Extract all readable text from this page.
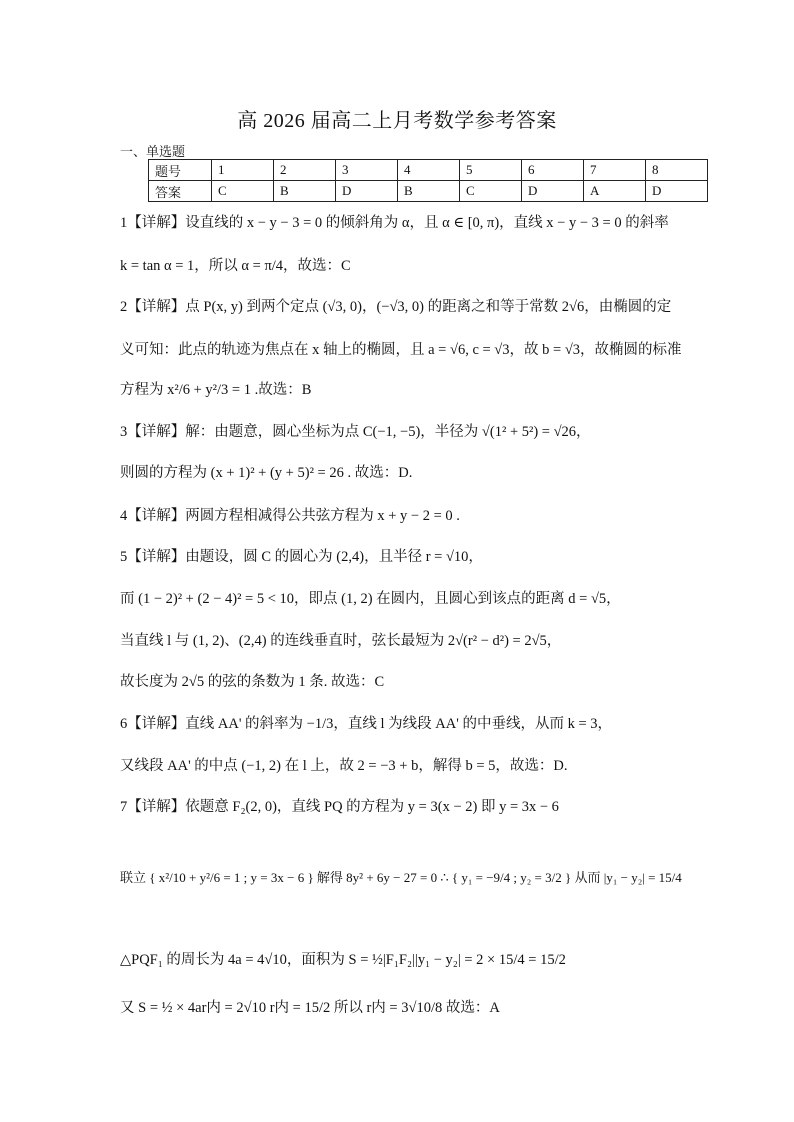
高 2026 届高二上月考数学参考答案
一、单选题
题号	1	2	3	4	5	6	7	8
答案	C	B	D	B	C	D	A	D
1【详解】设直线的 x − y − 3 = 0 的倾斜角为 α，且 α ∈ [0, π)，直线 x − y − 3 = 0 的斜率
k = tan α = 1，所以 α = π/4，故选：C
2【详解】点 P(x, y) 到两个定点 (√3, 0)，(−√3, 0) 的距离之和等于常数 2√6，由椭圆的定
义可知：此点的轨迹为焦点在 x 轴上的椭圆，且 a = √6, c = √3，故 b = √3，故椭圆的标准
方程为 x²/6 + y²/3 = 1 .故选：B
3【详解】解：由题意，圆心坐标为点 C(−1, −5)，半径为 √(1² + 5²) = √26，
则圆的方程为 (x + 1)² + (y + 5)² = 26 . 故选：D.
4【详解】两圆方程相减得公共弦方程为 x + y − 2 = 0 .
5【详解】由题设，圆 C 的圆心为 (2,4)，且半径 r = √10，
而 (1 − 2)² + (2 − 4)² = 5 < 10，即点 (1, 2) 在圆内，且圆心到该点的距离 d = √5，
当直线 l 与 (1, 2)、(2,4) 的连线垂直时，弦长最短为 2√(r² − d²) = 2√5，
故长度为 2√5 的弦的条数为 1 条. 故选：C
6【详解】直线 AA' 的斜率为 −1/3，直线 l 为线段 AA' 的中垂线，从而 k = 3，
又线段 AA' 的中点 (−1, 2) 在 l 上，故 2 = −3 + b，解得 b = 5，故选：D.
7【详解】依题意 F₂(2, 0)，直线 PQ 的方程为 y = 3(x − 2) 即 y = 3x − 6
联立 { x²/10 + y²/6 = 1 ; y = 3x − 6 } 解得 8y² + 6y − 27 = 0 ∴ { y₁ = −9/4 ; y₂ = 3/2 } 从而 |y₁ − y₂| = 15/4
△PQF₁ 的周长为 4a = 4√10，面积为 S = ½|F₁F₂||y₁ − y₂| = 2 × 15/4 = 15/2
又 S = ½ × 4ar内 = 2√10 r内 = 15/2 所以 r内 = 3√10/8 故选：A
